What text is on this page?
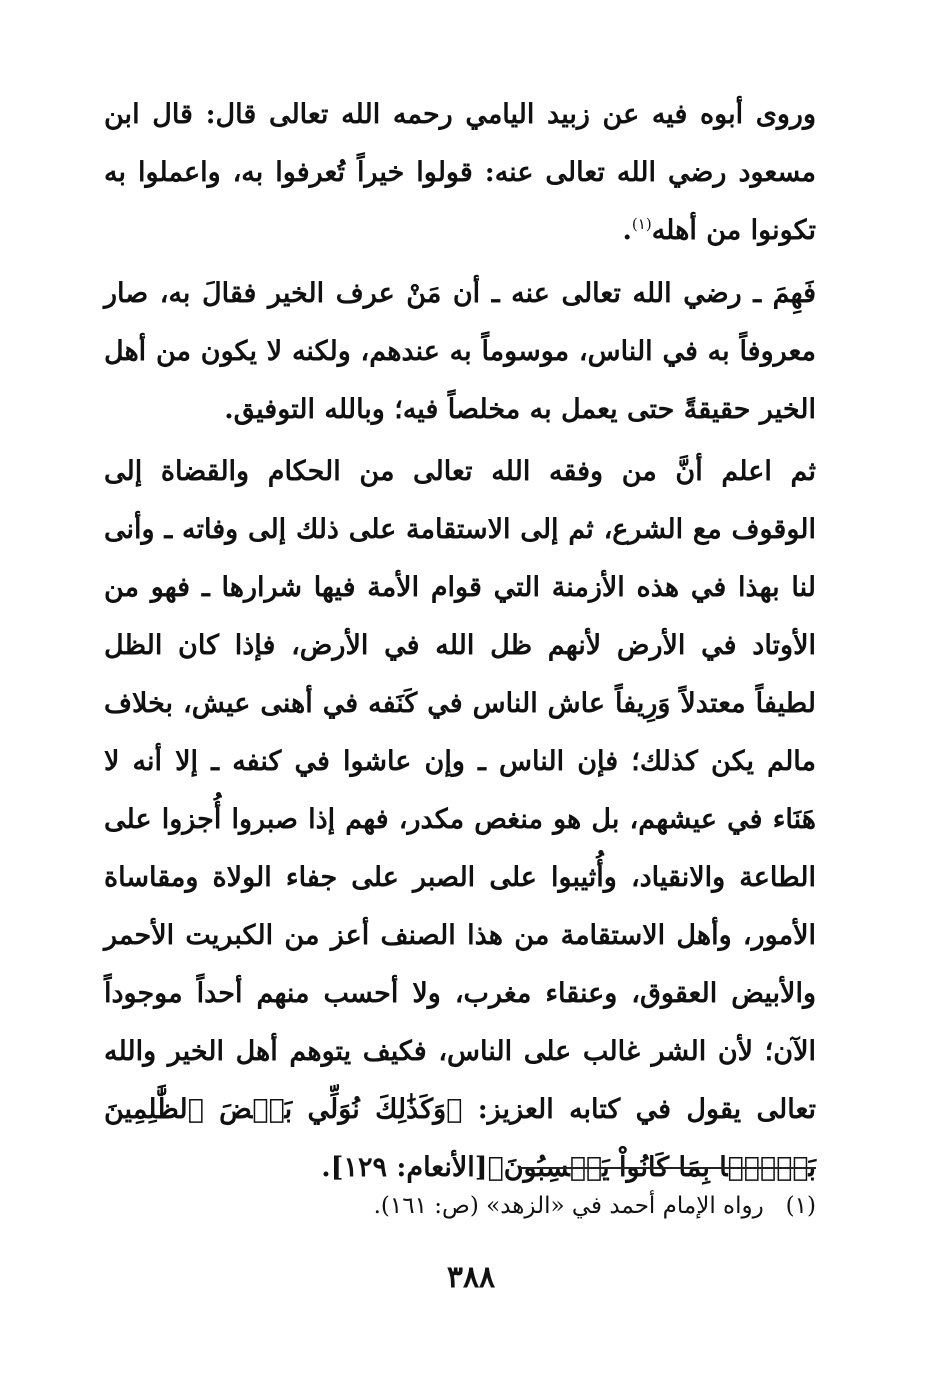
وروى أبوه فيه عن زبيد اليامي رحمه الله تعالى قال: قال ابن مسعود رضي الله تعالى عنه: قولوا خيراً تُعرفوا به، واعملوا به تكونوا من أهله$^{(١)}$.

فَهِمَ ـ رضي الله تعالى عنه ـ أن مَنْ عرف الخير فقالَ به، صار معروفاً به في الناس، موسوماً به عندهم، ولكنه لا يكون من أهل الخير حقيقةً حتى يعمل به مخلصاً فيه؛ وبالله التوفيق.

ثم اعلم أنَّ من وفقه الله تعالى من الحكام والقضاة إلى الوقوف مع الشرع، ثم إلى الاستقامة على ذلك إلى وفاته ـ وأنى لنا بهذا في هذه الأزمنة التي قوام الأمة فيها شرارها ـ فهو من الأوتاد في الأرض لأنهم ظل الله في الأرض، فإذا كان الظل لطيفاً معتدلاً وَرِيفاً عاش الناس في كَنَفه في أهنى عيش، بخلاف مالم يكن كذلك؛ فإن الناس ـ وإن عاشوا في كنفه ـ إلا أنه لا هَنَاء في عيشهم، بل هو منغص مكدر، فهم إذا صبروا أُجزوا على الطاعة والانقياد، وأُثيبوا على الصبر على جفاء الولاة ومقاساة الأمور، وأهل الاستقامة من هذا الصنف أعز من الكبريت الأحمر والأبيض العقوق، وعنقاء مغرب، ولا أحسب منهم أحداً موجوداً الآن؛ لأن الشر غالب على الناس، فكيف يتوهم أهل الخير والله تعالى يقول في كتابه العزيز: ﴿وَكَذَٰلِكَ نُوَلِّي بَعۡضَ ٱلظَّٰلِمِينَ بَعۡضَۢا بِمَا كَانُواْ يَكۡسِبُونَ﴾[الأنعام: ١٢٩].

(١)رواه الإمام أحمد في «الزهد» (ص: ١٦١).
٣٨٨
